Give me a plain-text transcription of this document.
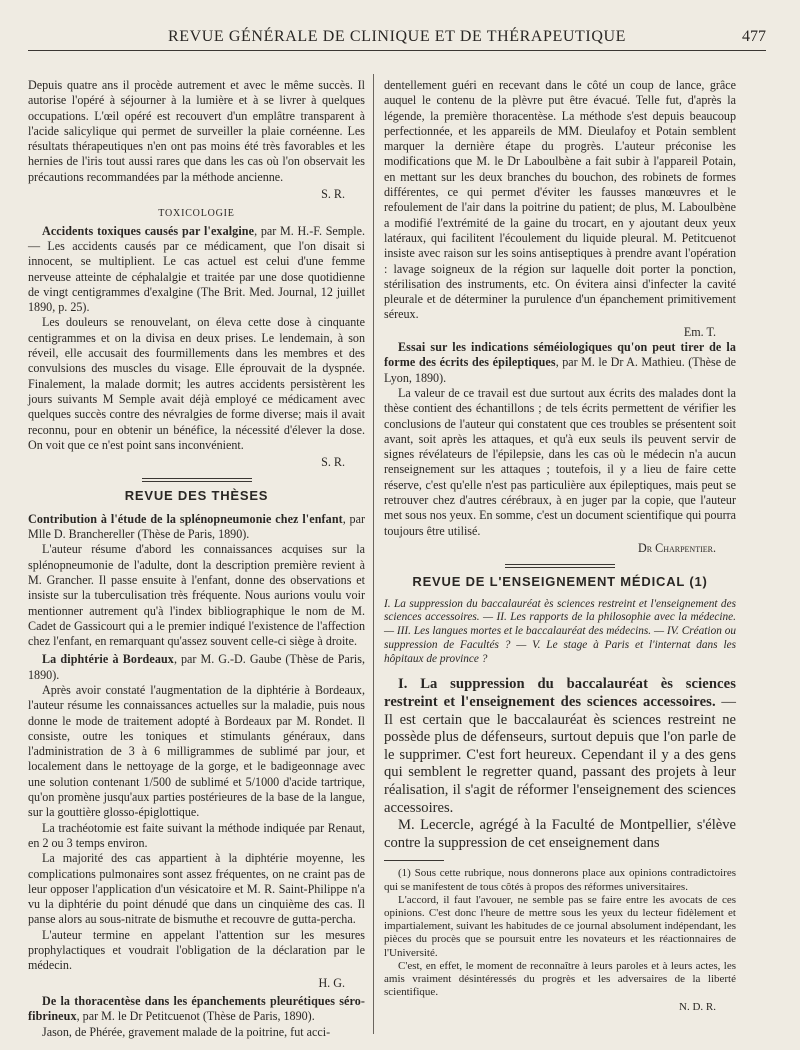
REVUE GÉNÉRALE DE CLINIQUE ET DE THÉRAPEUTIQUE	477

Depuis quatre ans il procède autrement et avec le même succès. Il autorise l'opéré à séjourner à la lumière et à se livrer à quelques occupations. L'œil opéré est recouvert d'un emplâtre transparent à l'acide salicylique qui permet de surveiller la plaie cornéenne. Les résultats thérapeutiques n'en ont pas moins été très favorables et les hernies de l'iris tout aussi rares que dans les cas où l'on observait les précautions recommandées par la méthode ancienne.

S. R.

TOXICOLOGIE

Accidents toxiques causés par l'exalgine, par M. H.-F. Semple. — Les accidents causés par ce médicament, que l'on disait si innocent, se multiplient. Le cas actuel est celui d'une femme nerveuse atteinte de céphalalgie et traitée par une dose quotidienne de vingt centigrammes d'exalgine (The Brit. Med. Journal, 12 juillet 1890, p. 25).

Les douleurs se renouvelant, on éleva cette dose à cinquante centigrammes et on la divisa en deux prises. Le lendemain, à son réveil, elle accusait des fourmillements dans les membres et des convulsions des muscles du visage. Elle éprouvait de la dyspnée. Finalement, la malade dormit; les autres accidents persistèrent les jours suivants M Semple avait déjà employé ce médicament avec quelques succès contre des névralgies de forme diverse; mais il avait reconnu, pour en obtenir un bénéfice, la nécessité d'élever la dose. On voit que ce n'est point sans inconvénient.

S. R.

REVUE DES THÈSES

Contribution à l'étude de la splénopneumonie chez l'enfant, par Mlle D. Branchereller (Thèse de Paris, 1890).

L'auteur résume d'abord les connaissances acquises sur la splénopneumonie de l'adulte, dont la description première revient à M. Grancher. Il passe ensuite à l'enfant, donne des observations et insiste sur la tuberculisation très fréquente. Nous aurions voulu voir mentionner autrement qu'à l'index bibliographique le nom de M. Cadet de Gassicourt qui a le premier indiqué l'existence de l'affection chez l'enfant, en remarquant qu'assez souvent celle-ci siège à droite.

La diphtérie à Bordeaux, par M. G.-D. Gaube (Thèse de Paris, 1890).

Après avoir constaté l'augmentation de la diphtérie à Bordeaux, l'auteur résume les connaissances actuelles sur la maladie, puis nous donne le mode de traitement adopté à Bordeaux par M. Rondet. Il consiste, outre les toniques et stimulants généraux, dans l'administration de 3 à 6 milligrammes de sublimé par jour, et localement dans le nettoyage de la gorge, et le badigeonnage avec une solution contenant 1/500 de sublimé et 5/1000 d'acide tartrique, qu'on promène jusqu'aux parties postérieures de la base de la langue, sur la gouttière glosso-épiglottique.

La trachéotomie est faite suivant la méthode indiquée par Renaut, en 2 ou 3 temps environ.

La majorité des cas appartient à la diphtérie moyenne, les complications pulmonaires sont assez fréquentes, on ne craint pas de leur opposer l'application d'un vésicatoire et M. R. Saint-Philippe n'a vu la diphtérie du point dénudé que dans un cinquième des cas. Il panse alors au sous-nitrate de bismuthe et recouvre de gutta-percha.

L'auteur termine en appelant l'attention sur les mesures prophylactiques et voudrait l'obligation de la déclaration par le médecin.

H. G.

De la thoracentèse dans les épanchements pleurétiques séro-fibrineux, par M. le Dr Petitcuenot (Thèse de Paris, 1890).

Jason, de Phérée, gravement malade de la poitrine, fut acci-

dentellement guéri en recevant dans le côté un coup de lance, grâce auquel le contenu de la plèvre put être évacué. Telle fut, d'après la légende, la première thoracentèse. La méthode s'est depuis beaucoup perfectionnée, et les appareils de MM. Dieulafoy et Potain semblent marquer la dernière étape du progrès. L'auteur préconise les modifications que M. le Dr Laboulbène a fait subir à l'appareil Potain, en mettant sur les deux branches du bouchon, des robinets de formes différentes, ce qui permet d'éviter les fausses manœuvres et le refoulement de l'air dans la poitrine du patient; de plus, M. Laboulbène a modifié l'extrémité de la gaine du trocart, en y ajoutant deux yeux latéraux, qui facilitent l'écoulement du liquide pleural. M. Petitcuenot insiste avec raison sur les soins antiseptiques à prendre avant l'opération : lavage soigneux de la région sur laquelle doit porter la ponction, stérilisation des instruments, etc. On évitera ainsi d'infecter la cavité pleurale et de déterminer la purulence d'un épanchement primitivement séreux.

Em. T.

Essai sur les indications séméiologiques qu'on peut tirer de la forme des écrits des épileptiques, par M. le Dr A. Mathieu. (Thèse de Lyon, 1890).

La valeur de ce travail est due surtout aux écrits des malades dont la thèse contient des échantillons ; de tels écrits permettent de vérifier les conclusions de l'auteur qui constatent que ces troubles se présentent soit avant, soit après les attaques, et qu'à eux seuls ils peuvent servir de signes révélateurs de l'épilepsie, dans les cas où le médecin n'a aucun renseignement sur les attaques ; toutefois, il y a lieu de faire cette réserve, c'est qu'elle n'est pas particulière aux épileptiques, mais peut se retrouver chez d'autres cérébraux, à en juger par la copie, que l'auteur met sous nos yeux. En somme, c'est un document scientifique qui pourra toujours être utilisé.

Dr Charpentier.

REVUE DE L'ENSEIGNEMENT MÉDICAL (1)

I. La suppression du baccalauréat ès sciences restreint et l'enseignement des sciences accessoires. — II. Les rapports de la philosophie avec la médecine. — III. Les langues mortes et le baccalauréat des médecins. — IV. Création ou suppression de Facultés ? — V. Le stage à Paris et l'internat dans les hôpitaux de province ?

I. La suppression du baccalauréat ès sciences restreint et l'enseignement des sciences accessoires. — Il est certain que le baccalauréat ès sciences restreint ne possède plus de défenseurs, surtout depuis que l'on parle de le supprimer. C'est fort heureux. Cependant il y a des gens qui semblent le regretter quand, passant des projets à leur réalisation, il s'agit de réformer l'enseignement des sciences accessoires.

M. Lecercle, agrégé à la Faculté de Montpellier, s'élève contre la suppression de cet enseignement dans

(1) Sous cette rubrique, nous donnerons place aux opinions contradictoires qui se manifestent de tous côtés à propos des réformes universitaires.

L'accord, il faut l'avouer, ne semble pas se faire entre les avocats de ces opinions. C'est donc l'heure de mettre sous les yeux du lecteur fidèlement et impartialement, suivant les habitudes de ce journal absolument indépendant, les pièces du procès que se poursuit entre les novateurs et les réactionnaires de l'Université.

C'est, en effet, le moment de reconnaître à leurs paroles et à leurs actes, les amis vraiment désintéressés du progrès et les adversaires de la liberté scientifique.

N. D. R.
